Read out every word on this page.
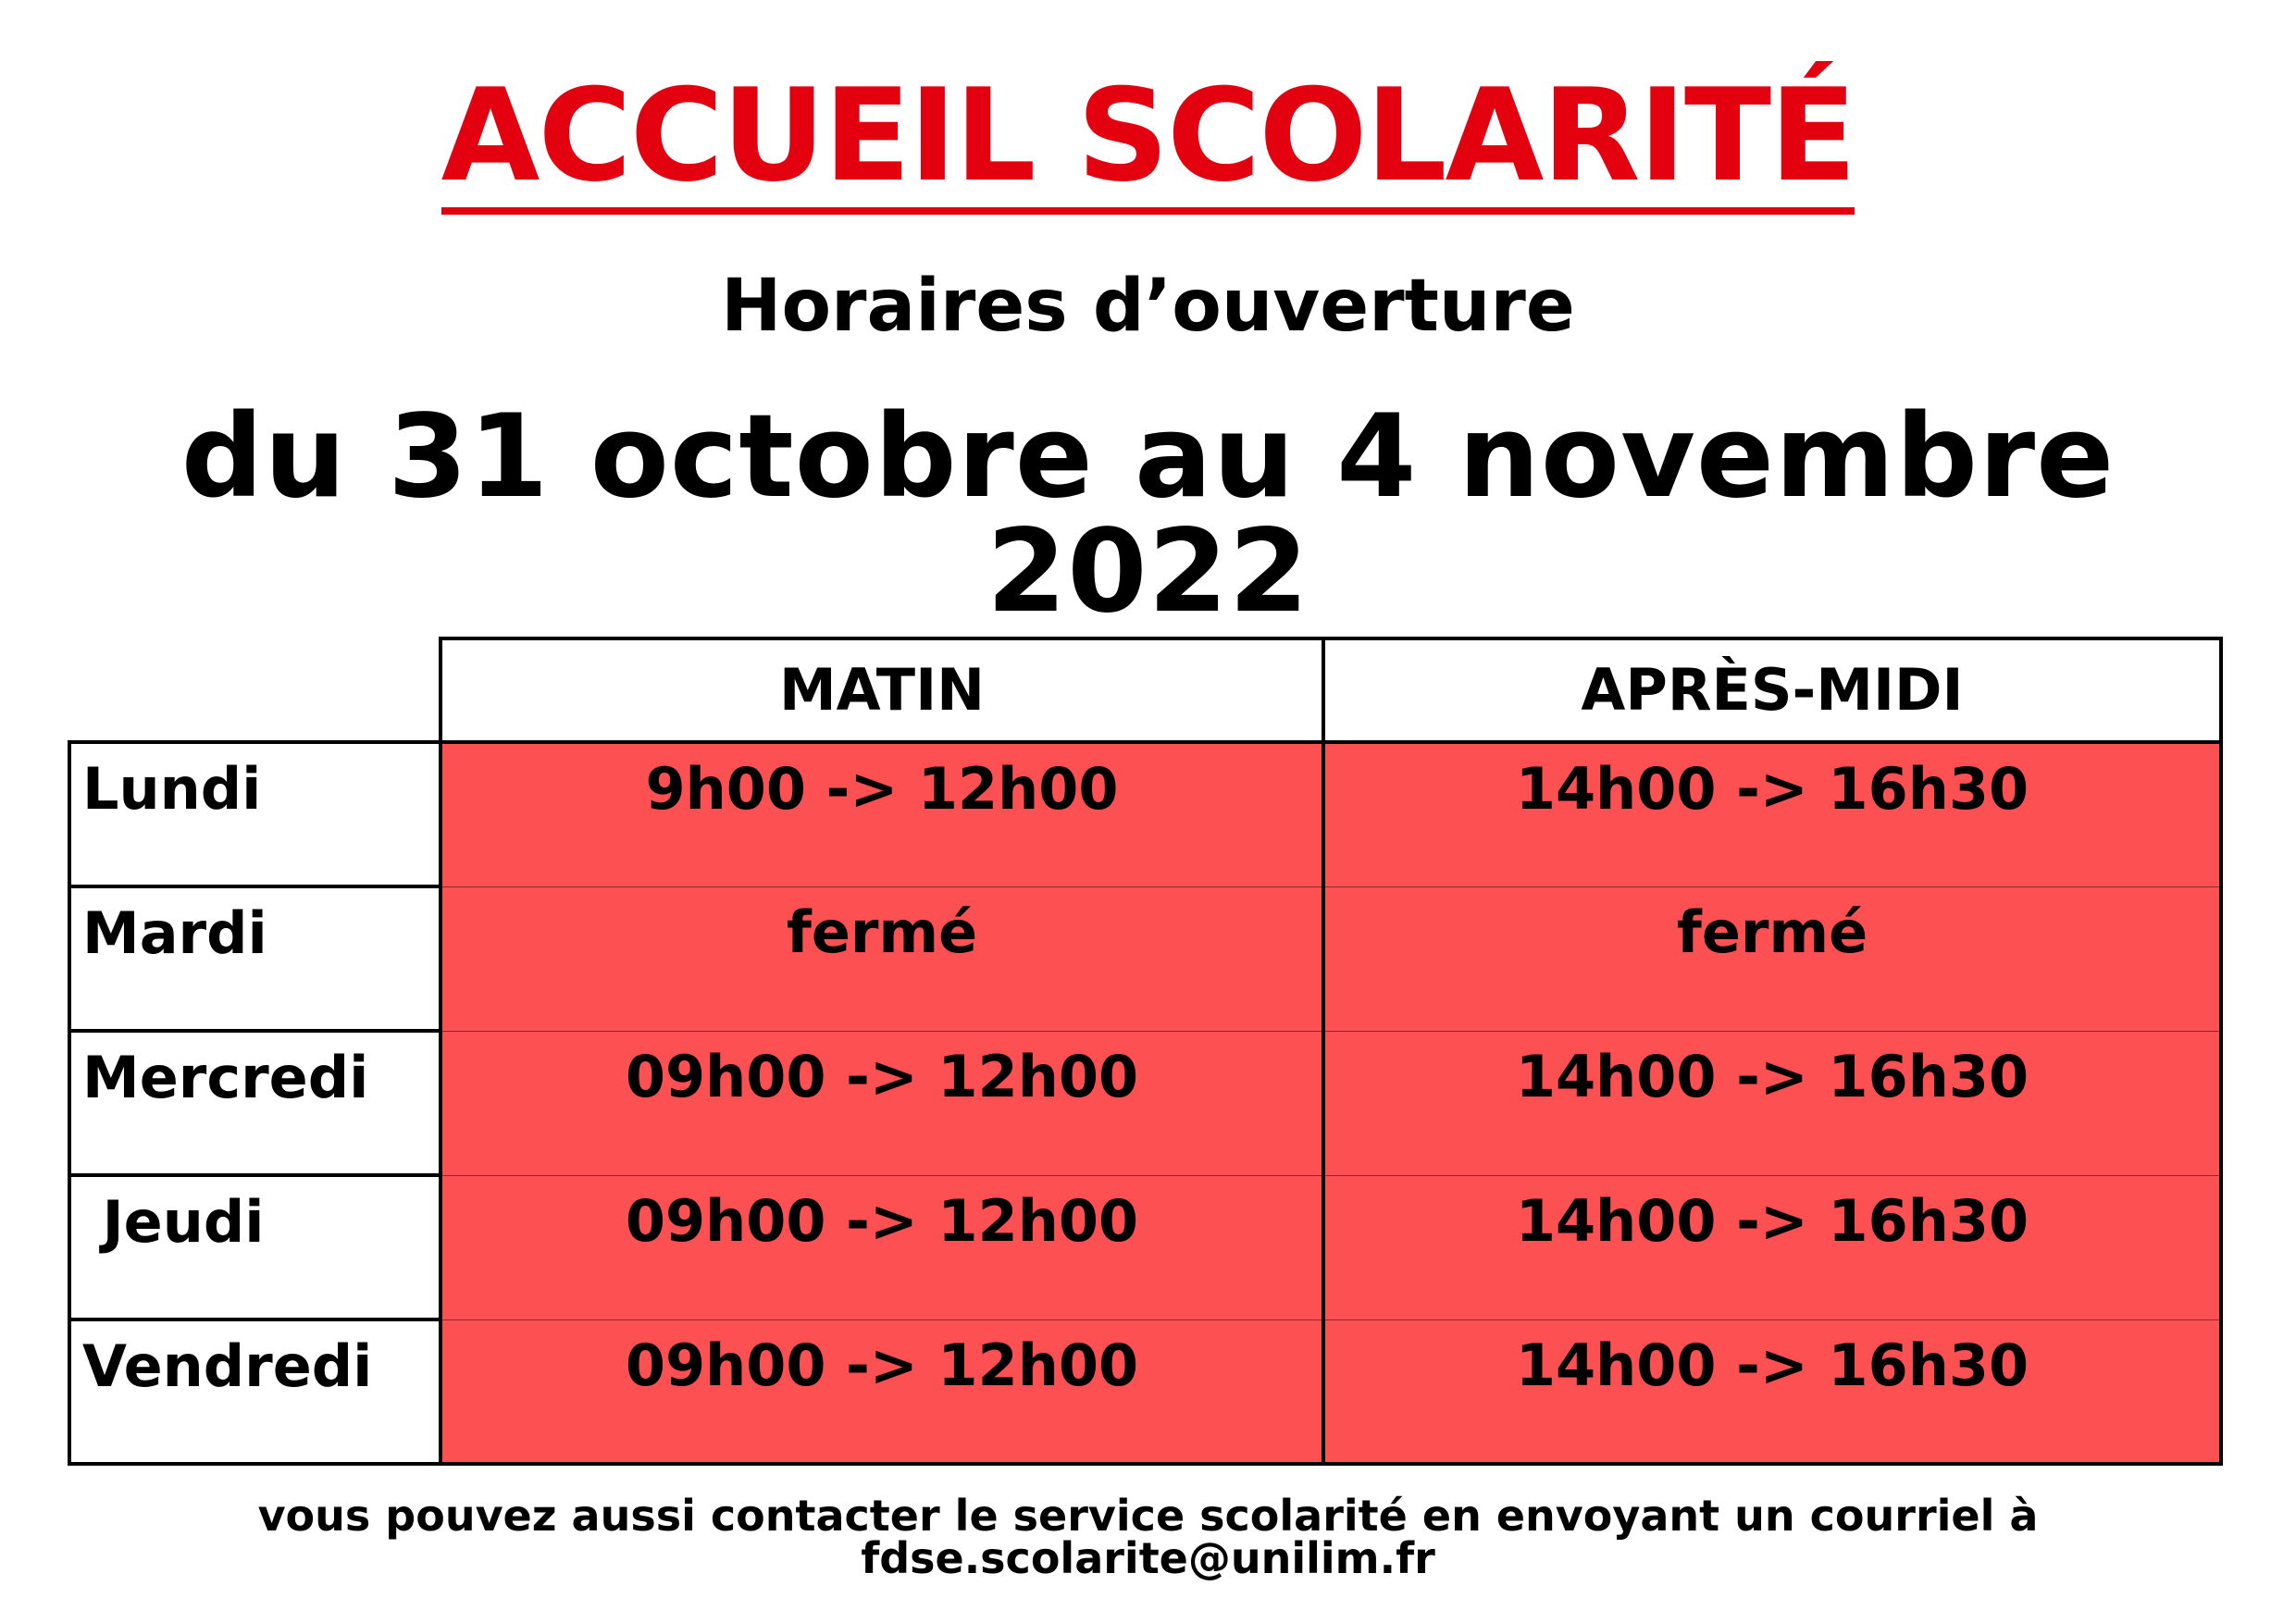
ACCUEIL SCOLARITÉ
Horaires d’ouverture
du 31 octobre au 4 novembre 2022
	MATIN	APRÈS-MIDI
Lundi	9h00 -> 12h00	14h00 -> 16h30
Mardi	fermé	fermé
Mercredi	09h00 -> 12h00	14h00 -> 16h30
Jeudi	09h00 -> 12h00	14h00 -> 16h30
Vendredi	09h00 -> 12h00	14h00 -> 16h30
vous pouvez aussi contacter le service scolarité en envoyant un courriel à fdse.scolarite@unilim.fr
